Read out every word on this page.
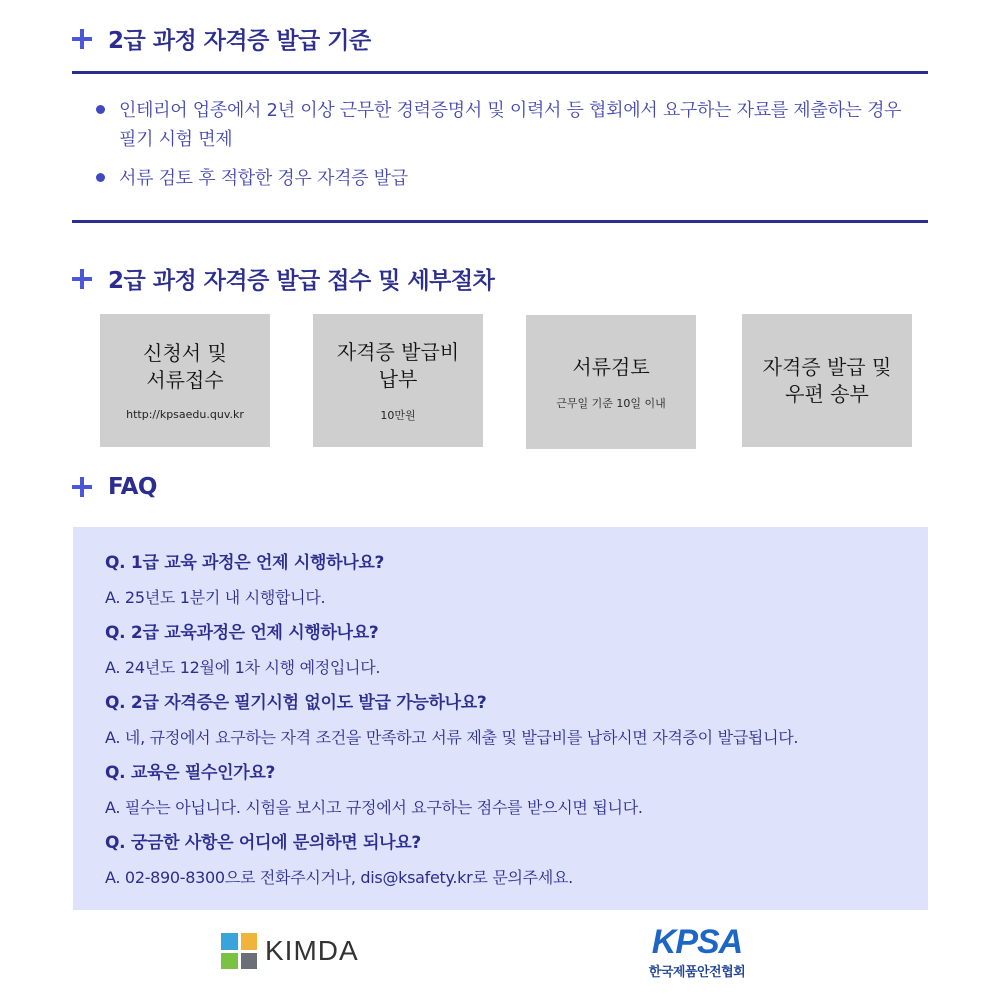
2급 과정 자격증 발급 기준
인테리어 업종에서 2년 이상 근무한 경력증명서 및 이력서 등 협회에서 요구하는 자료를 제출하는 경우 필기 시험 면제
서류 검토 후 적합한 경우 자격증 발급
2급 과정 자격증 발급 접수 및 세부절차
신청서 및
서류접수
http://kpsaedu.quv.kr
자격증 발급비
납부
10만원
서류검토
근무일 기준 10일 이내
자격증 발급 및
우편 송부
FAQ
Q. 1급 교육 과정은 언제 시행하나요?
A. 25년도 1분기 내 시행합니다.
Q. 2급 교육과정은 언제 시행하나요?
A. 24년도 12월에 1차 시행 예정입니다.
Q. 2급 자격증은 필기시험 없이도 발급 가능하나요?
A. 네, 규정에서 요구하는 자격 조건을 만족하고 서류 제출 및 발급비를 납하시면 자격증이 발급됩니다.
Q. 교육은 필수인가요?
A. 필수는 아닙니다. 시험을 보시고 규정에서 요구하는 점수를 받으시면 됩니다.
Q. 궁금한 사항은 어디에 문의하면 되나요?
A. 02-890-8300으로 전화주시거나, dis@ksafety.kr로 문의주세요.
KIMDA	KPSA
한국제품안전협회
